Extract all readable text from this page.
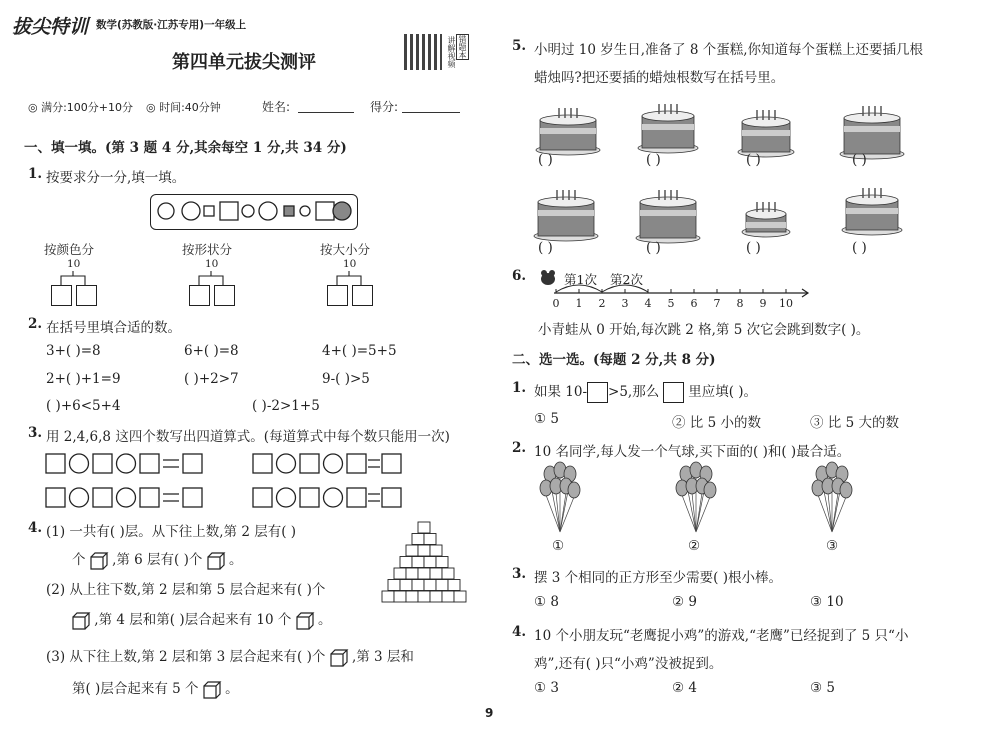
拔尖特训 数学(苏教版·江苏专用)一年级上
讲解视频 错题本
第四单元拔尖测评
◎ 满分:100分+10分 ◎ 时间:40分钟	姓名:	得分:
一、填一填。(第 3 题 4 分,其余每空 1 分,共 34 分)
1. 按要求分一分,填一填。
按颜色分	按形状分	按大小分
10	10	10
2. 在括号里填合适的数。
3+( )=8	6+( )=8	4+( )=5+5
2+( )+1=9	( )+2>7	9-( )>5
( )+6<5+4	( )-2>1+5
3. 用 2,4,6,8 这四个数写出四道算式。(每道算式中每个数只能用一次)
4. (1) 一共有( )层。从下往上数,第 2 层有( )
个 ,第 6 层有( )个 。
(2) 从上往下数,第 2 层和第 5 层合起来有( )个
,第 4 层和第( )层合起来有 10 个 。
(3) 从下往上数,第 2 层和第 3 层合起来有( )个 ,第 3 层和
第( )层合起来有 5 个 。
5. 小明过 10 岁生日,准备了 8 个蛋糕,你知道每个蛋糕上还要插几根
蜡烛吗?把还要插的蜡烛根数写在括号里。
( )	( )	( )	( )
( )	( )	( )	( )
6.	第1次 第2次
0 1 2 3 4 5 6 7 8 9 10
小青蛙从 0 开始,每次跳 2 格,第 5 次它会跳到数字( )。
二、选一选。(每题 2 分,共 8 分)
1. 如果 10- >5,那么 里应填( )。
① 5	② 比 5 小的数	③ 比 5 大的数
2. 10 名同学,每人发一个气球,买下面的( )和( )最合适。
①	②	③
3. 摆 3 个相同的正方形至少需要( )根小棒。
① 8	② 9	③ 10
4. 10 个小朋友玩“老鹰捉小鸡”的游戏,“老鹰”已经捉到了 5 只“小
鸡”,还有( )只“小鸡”没被捉到。
① 3	② 4	③ 5
9
